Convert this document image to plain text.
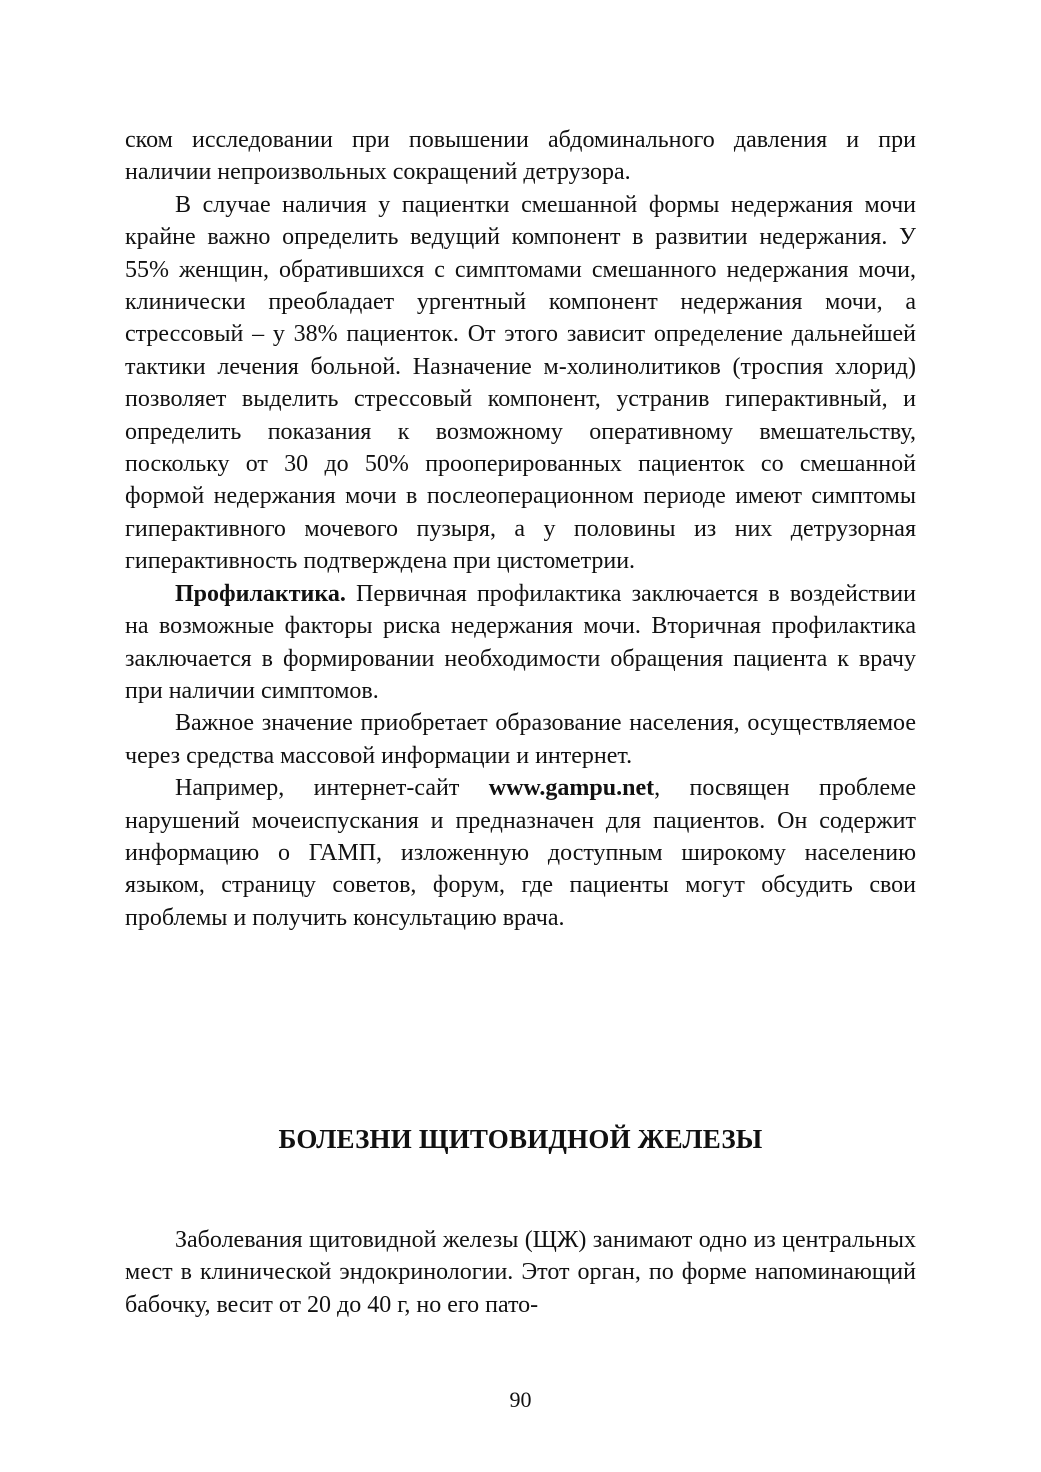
ском исследовании при повышении абдоминального давления и при наличии непроизвольных сокращений детрузора.

В случае наличия у пациентки смешанной формы недержания мочи крайне важно определить ведущий компонент в развитии недержания. У 55% женщин, обратившихся с симптомами смешанного недержания мочи, клинически преобладает ургентный компонент недержания мочи, а стрессовый – у 38% пациенток. От этого зависит определение дальнейшей тактики лечения больной. Назначение м-холинолитиков (троспия хлорид) позволяет выделить стрессовый компонент, устранив гиперактивный, и определить показания к возможному оперативному вмешательству, поскольку от 30 до 50% прооперированных пациенток со смешанной формой недержания мочи в послеоперационном периоде имеют симптомы гиперактивного мочевого пузыря, а у половины из них детрузорная гиперактивность подтверждена при цистометрии.

Профилактика. Первичная профилактика заключается в воздействии на возможные факторы риска недержания мочи. Вторичная профилактика заключается в формировании необходимости обращения пациента к врачу при наличии симптомов.

Важное значение приобретает образование населения, осуществляемое через средства массовой информации и интернет.

Например, интернет-сайт www.gampu.net, посвящен проблеме нарушений мочеиспускания и предназначен для пациентов. Он содержит информацию о ГАМП, изложенную доступным широкому населению языком, страницу советов, форум, где пациенты могут обсудить свои проблемы и получить консультацию врача.

БОЛЕЗНИ ЩИТОВИДНОЙ ЖЕЛЕЗЫ

Заболевания щитовидной железы (ЩЖ) занимают одно из центральных мест в клинической эндокринологии. Этот орган, по форме напоминающий бабочку, весит от 20 до 40 г, но его пато-

90
